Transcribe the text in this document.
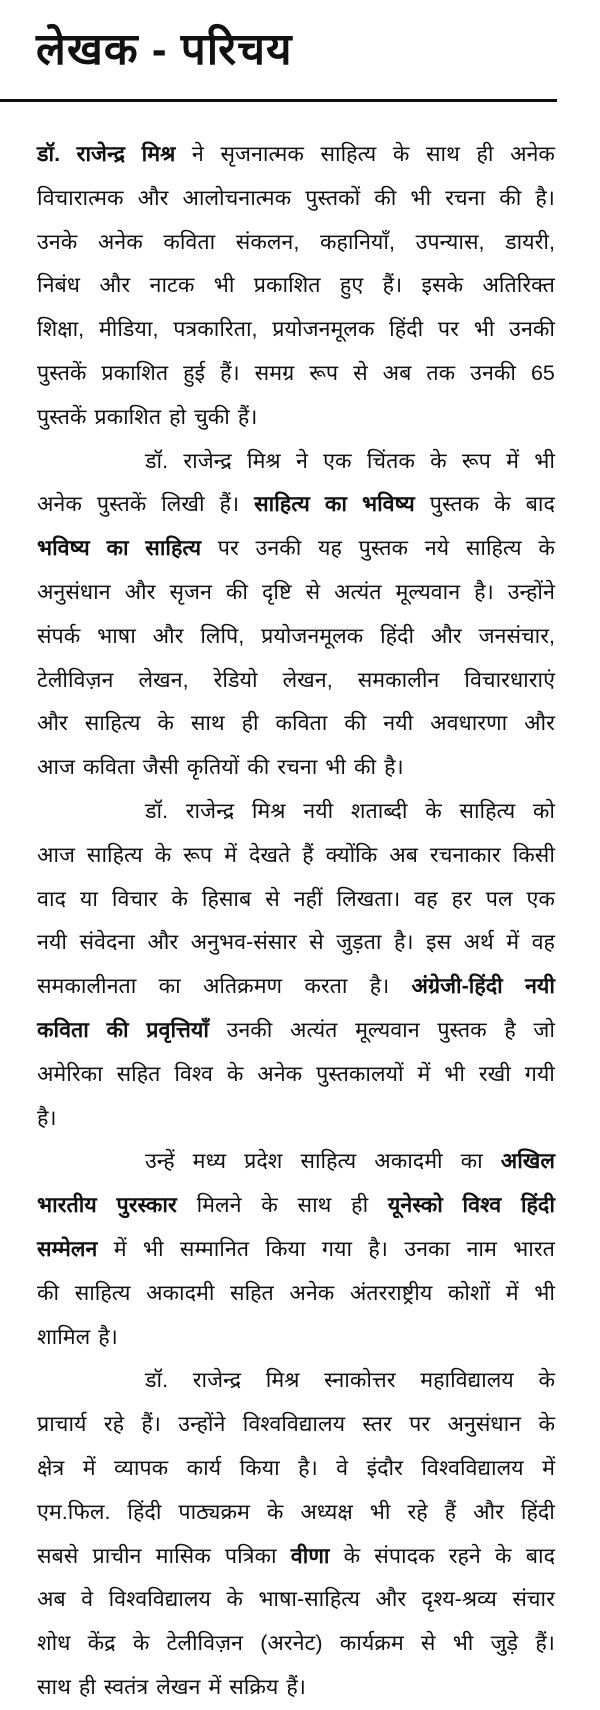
लेखक - परिचय
डॉ. राजेन्द्र मिश्र ने सृजनात्मक साहित्य के साथ ही अनेक
विचारात्मक और आलोचनात्मक पुस्तकों की भी रचना की है।
उनके अनेक कविता संकलन, कहानियाँ, उपन्यास, डायरी,
निबंध और नाटक भी प्रकाशित हुए हैं। इसके अतिरिक्त
शिक्षा, मीडिया, पत्रकारिता, प्रयोजनमूलक हिंदी पर भी उनकी
पुस्तकें प्रकाशित हुई हैं। समग्र रूप से अब तक उनकी 65
पुस्तकें प्रकाशित हो चुकी हैं।
डॉ. राजेन्द्र मिश्र ने एक चिंतक के रूप में भी
अनेक पुस्तकें लिखी हैं। साहित्य का भविष्य पुस्तक के बाद
भविष्य का साहित्य पर उनकी यह पुस्तक नये साहित्य के
अनुसंधान और सृजन की दृष्टि से अत्यंत मूल्यवान है। उन्होंने
संपर्क भाषा और लिपि, प्रयोजनमूलक हिंदी और जनसंचार,
टेलीविज़न लेखन, रेडियो लेखन, समकालीन विचारधाराएं
और साहित्य के साथ ही कविता की नयी अवधारणा और
आज कविता जैसी कृतियों की रचना भी की है।
डॉ. राजेन्द्र मिश्र नयी शताब्दी के साहित्य को
आज साहित्य के रूप में देखते हैं क्योंकि अब रचनाकार किसी
वाद या विचार के हिसाब से नहीं लिखता। वह हर पल एक
नयी संवेदना और अनुभव-संसार से जुड़ता है। इस अर्थ में वह
समकालीनता का अतिक्रमण करता है। अंग्रेजी-हिंदी नयी
कविता की प्रवृत्तियाँ उनकी अत्यंत मूल्यवान पुस्तक है जो
अमेरिका सहित विश्व के अनेक पुस्तकालयों में भी रखी गयी
है।
उन्हें मध्य प्रदेश साहित्य अकादमी का अखिल
भारतीय पुरस्कार मिलने के साथ ही यूनेस्को विश्व हिंदी
सम्मेलन में भी सम्मानित किया गया है। उनका नाम भारत
की साहित्य अकादमी सहित अनेक अंतरराष्ट्रीय कोशों में भी
शामिल है।
डॉ. राजेन्द्र मिश्र स्नाकोत्तर महाविद्यालय के
प्राचार्य रहे हैं। उन्होंने विश्वविद्यालय स्तर पर अनुसंधान के
क्षेत्र में व्यापक कार्य किया है। वे इंदौर विश्वविद्यालय में
एम.फिल. हिंदी पाठ्यक्रम के अध्यक्ष भी रहे हैं और हिंदी
सबसे प्राचीन मासिक पत्रिका वीणा के संपादक रहने के बाद
अब वे विश्वविद्यालय के भाषा-साहित्य और दृश्य-श्रव्य संचार
शोध केंद्र के टेलीविज़न (अरनेट) कार्यक्रम से भी जुड़े हैं।
साथ ही स्वतंत्र लेखन में सक्रिय हैं।
